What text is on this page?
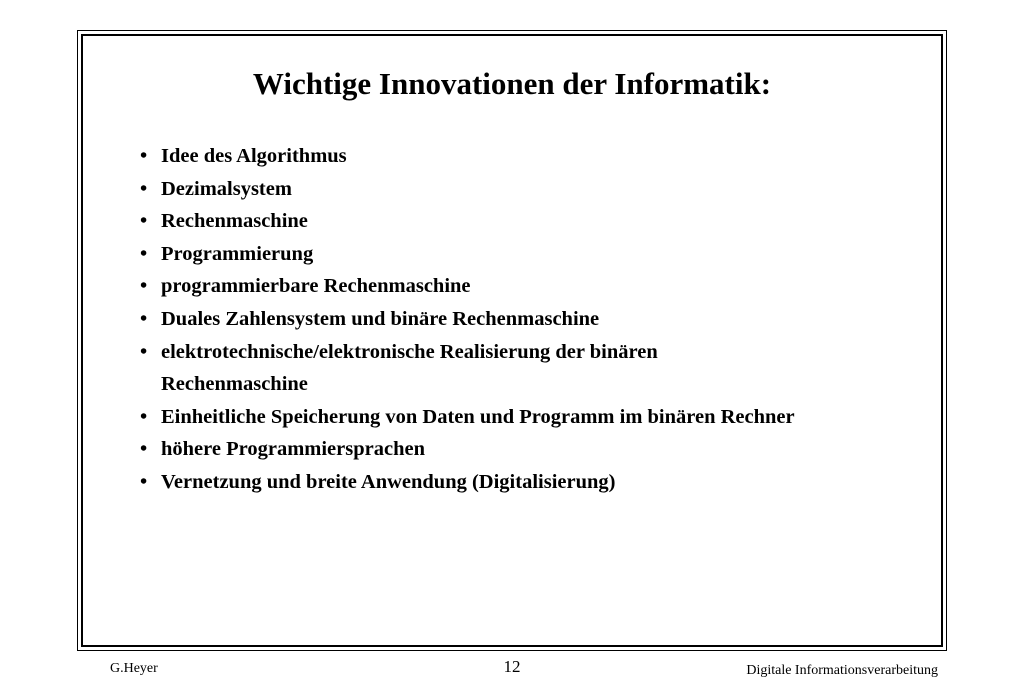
Wichtige Innovationen der Informatik:
• Idee des Algorithmus
• Dezimalsystem
• Rechenmaschine
• Programmierung
• programmierbare Rechenmaschine
• Duales Zahlensystem und binäre Rechenmaschine
• elektrotechnische/elektronische Realisierung der binären Rechenmaschine
• Einheitliche Speicherung von Daten und Programm im binären Rechner
• höhere Programmiersprachen
• Vernetzung und breite Anwendung (Digitalisierung)
G.Heyer	12	Digitale Informationsverarbeitung
